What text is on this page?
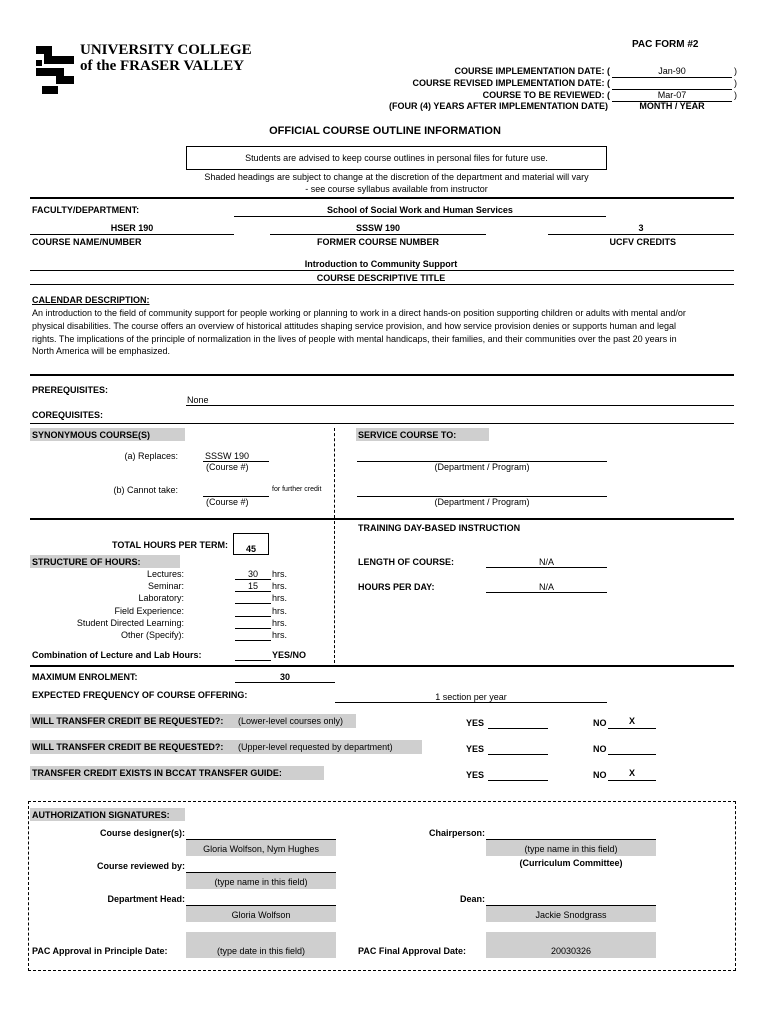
UNIVERSITY COLLEGE
of the FRASER VALLEY
PAC FORM #2
COURSE IMPLEMENTATION DATE: (	Jan-90	)
COURSE REVISED IMPLEMENTATION DATE: (	)
COURSE TO BE REVIEWED: (	Mar-07	)
(FOUR (4) YEARS AFTER IMPLEMENTATION DATE)	MONTH / YEAR
OFFICIAL COURSE OUTLINE INFORMATION
Students are advised to keep course outlines in personal files for future use.
Shaded headings are subject to change at the discretion of the department and material will vary
- see course syllabus available from instructor
FACULTY/DEPARTMENT:	School of Social Work and Human Services
HSER 190
COURSE NAME/NUMBER
SSSW 190
FORMER COURSE NUMBER
3
UCFV CREDITS
Introduction to Community Support
COURSE DESCRIPTIVE TITLE
CALENDAR DESCRIPTION:
An introduction to the field of community support for people working or planning to work in a direct hands-on position supporting children or adults with mental and/or
physical disabilities. The course offers an overview of historical attitudes shaping service provision, and how service provision denies or supports human and legal
rights. The implications of the principle of normalization in the lives of people with mental handicaps, their families, and their communities over the past 20 years in
North America will be emphasized.
PREREQUISITES:
None
COREQUISITES:
SYNONYMOUS COURSE(S)	SERVICE COURSE TO:
(a) Replaces:	SSSW 190
(Course #)	(Department / Program)
(b) Cannot take:	for further credit
(Course #)	(Department / Program)
TRAINING DAY-BASED INSTRUCTION
TOTAL HOURS PER TERM:	45
STRUCTURE OF HOURS:	LENGTH OF COURSE:	N/A
HOURS PER DAY:	N/A
Lectures:	30	hrs.
Seminar:	15	hrs.
Laboratory:	hrs.
Field Experience:	hrs.
Student Directed Learning:	hrs.
Other (Specify):	hrs.
Combination of Lecture and Lab Hours:	YES/NO
MAXIMUM ENROLMENT:	30
EXPECTED FREQUENCY OF COURSE OFFERING:	1 section per year
WILL TRANSFER CREDIT BE REQUESTED?: (Lower-level courses only)	YES	NO	X
WILL TRANSFER CREDIT BE REQUESTED?: (Upper-level requested by department)	YES	NO
TRANSFER CREDIT EXISTS IN BCCAT TRANSFER GUIDE:	YES	NO	X
AUTHORIZATION SIGNATURES:
Course designer(s):
Gloria Wolfson, Nym Hughes
Chairperson:
(type name in this field)
(Curriculum Committee)
Course reviewed by:
(type name in this field)
Department Head:
Gloria Wolfson
Dean:
Jackie Snodgrass
PAC Approval in Principle Date:	(type date in this field)	PAC Final Approval Date:	20030326
